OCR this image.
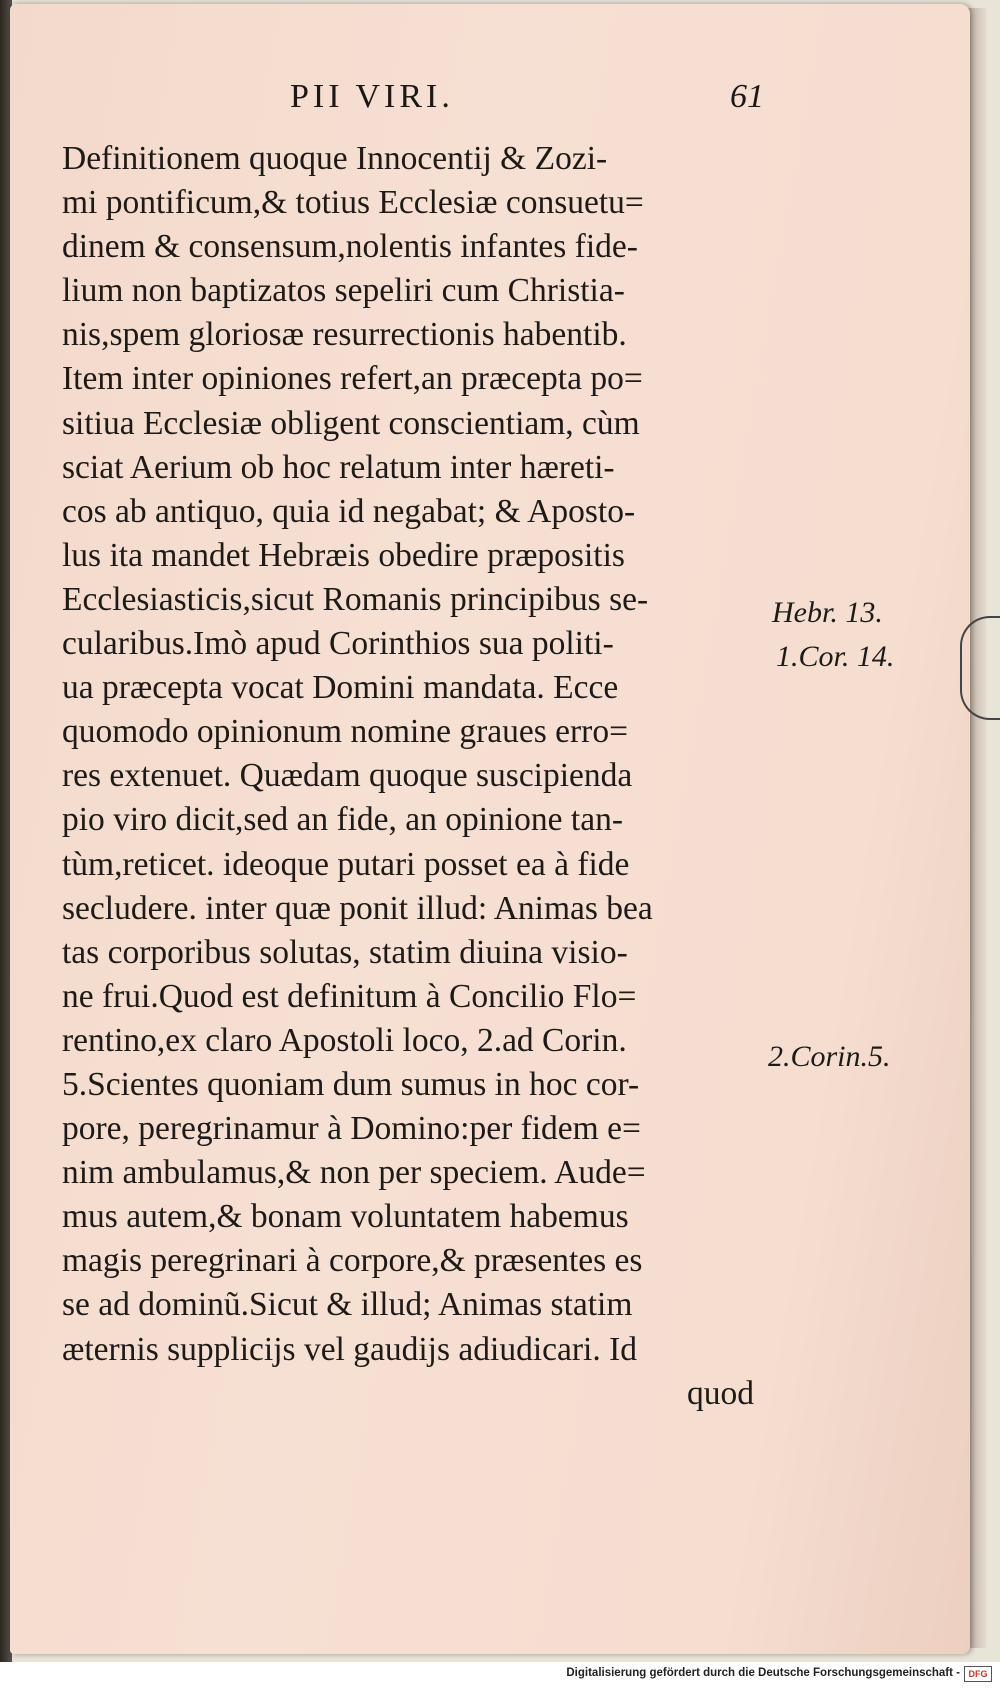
PII VIRI.	61
Definitionem quoque Innocentij & Zozi-
mi pontificum,& totius Ecclesiæ consuetu=
dinem & consensum,nolentis infantes fide-
lium non baptizatos sepeliri cum Christia-
nis,spem gloriosæ resurrectionis habentib.
Item inter opiniones refert,an præcepta po=
sitiua Ecclesiæ obligent conscientiam, cùm
sciat Aerium ob hoc relatum inter hæreti-
cos ab antiquo, quia id negabat; & Aposto-
lus ita mandet Hebræis obedire præpositis
Ecclesiasticis,sicut Romanis principibus se-
cularibus.Imò apud Corinthios sua politi-
ua præcepta vocat Domini mandata. Ecce
quomodo opinionum nomine graues erro=
res extenuet. Quædam quoque suscipienda
pio viro dicit,sed an fide, an opinione tan-
tùm,reticet. ideoque putari posset ea à fide
secludere. inter quæ ponit illud: Animas bea
tas corporibus solutas, statim diuina visio-
ne frui.Quod est definitum à Concilio Flo=
rentino,ex claro Apostoli loco, 2.ad Corin.
5.Scientes quoniam dum sumus in hoc cor-
pore, peregrinamur à Domino:per fidem e=
nim ambulamus,& non per speciem. Aude=
mus autem,& bonam voluntatem habemus
magis peregrinari à corpore,& præsentes es
se ad dominũ.Sicut & illud; Animas statim
æternis supplicijs vel gaudijs adiudicari. Id
quod
Hebr. 13.
1.Cor. 14.
2.Corin.5.
Digitalisierung gefördert durch die Deutsche Forschungsgemeinschaft - DFG
